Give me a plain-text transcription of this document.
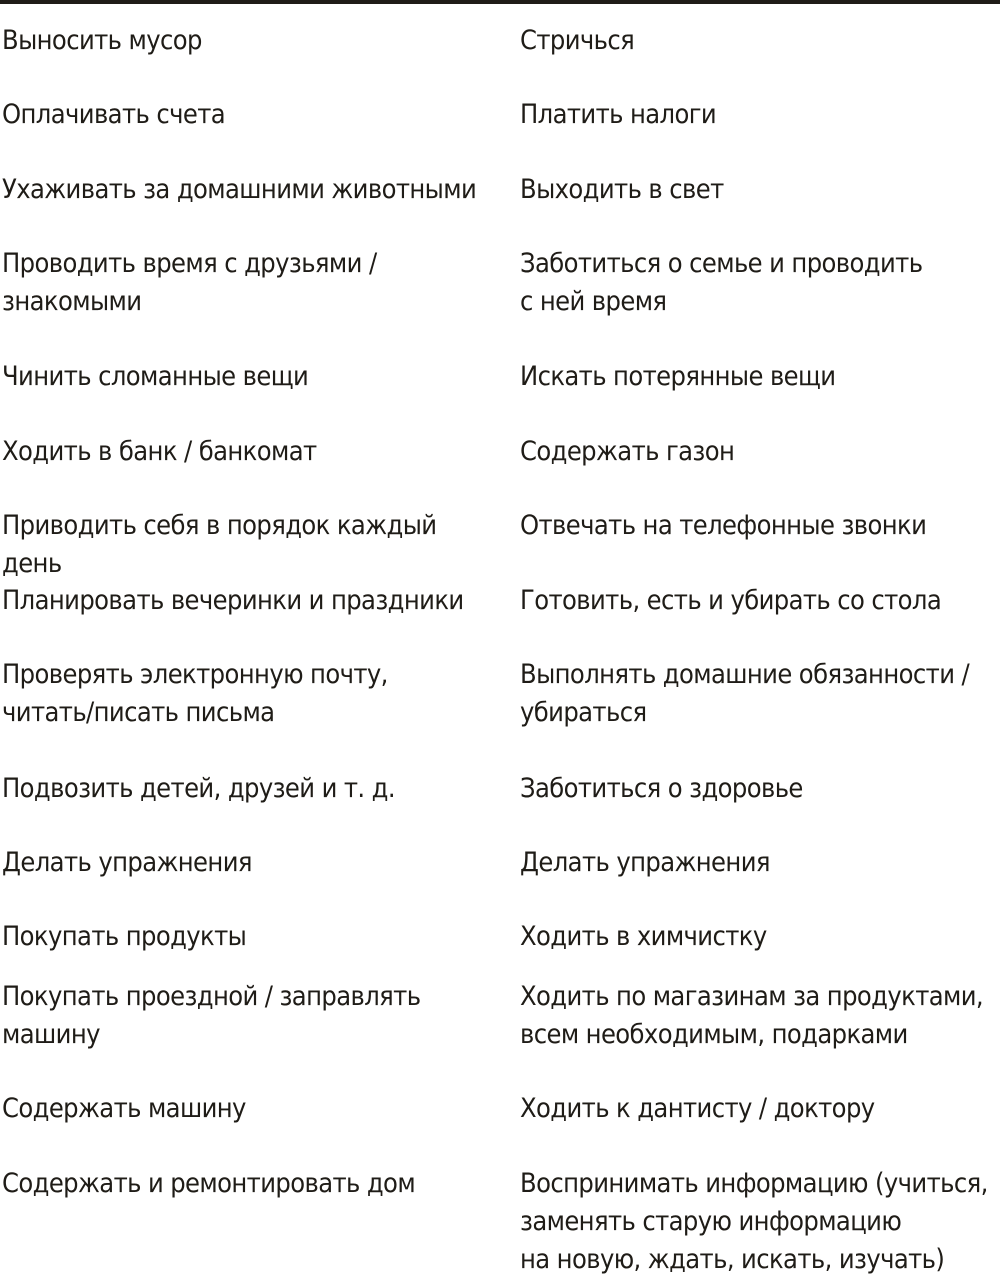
Выносить мусор

Оплачивать счета

Ухаживать за домашними животными

Проводить время с друзьями /
знакомыми

Чинить сломанные вещи

Ходить в банк / банкомат

Приводить себя в порядок каждый день

Планировать вечеринки и праздники

Проверять электронную почту,
читать/писать письма

Подвозить детей, друзей и т. д.

Делать упражнения

Покупать продукты

Покупать проездной / заправлять
машину

Содержать машину

Содержать и ремонтировать дом

Стричься

Платить налоги

Выходить в свет

Заботиться о семье и проводить
с ней время

Искать потерянные вещи

Содержать газон

Отвечать на телефонные звонки

Готовить, есть и убирать со стола

Выполнять домашние обязанности /
убираться

Заботиться о здоровье

Делать упражнения

Ходить в химчистку

Ходить по магазинам за продуктами,
всем необходимым, подарками

Ходить к дантисту / доктору

Воспринимать информацию (учиться,
заменять старую информацию
на новую, ждать, искать, изучать)
